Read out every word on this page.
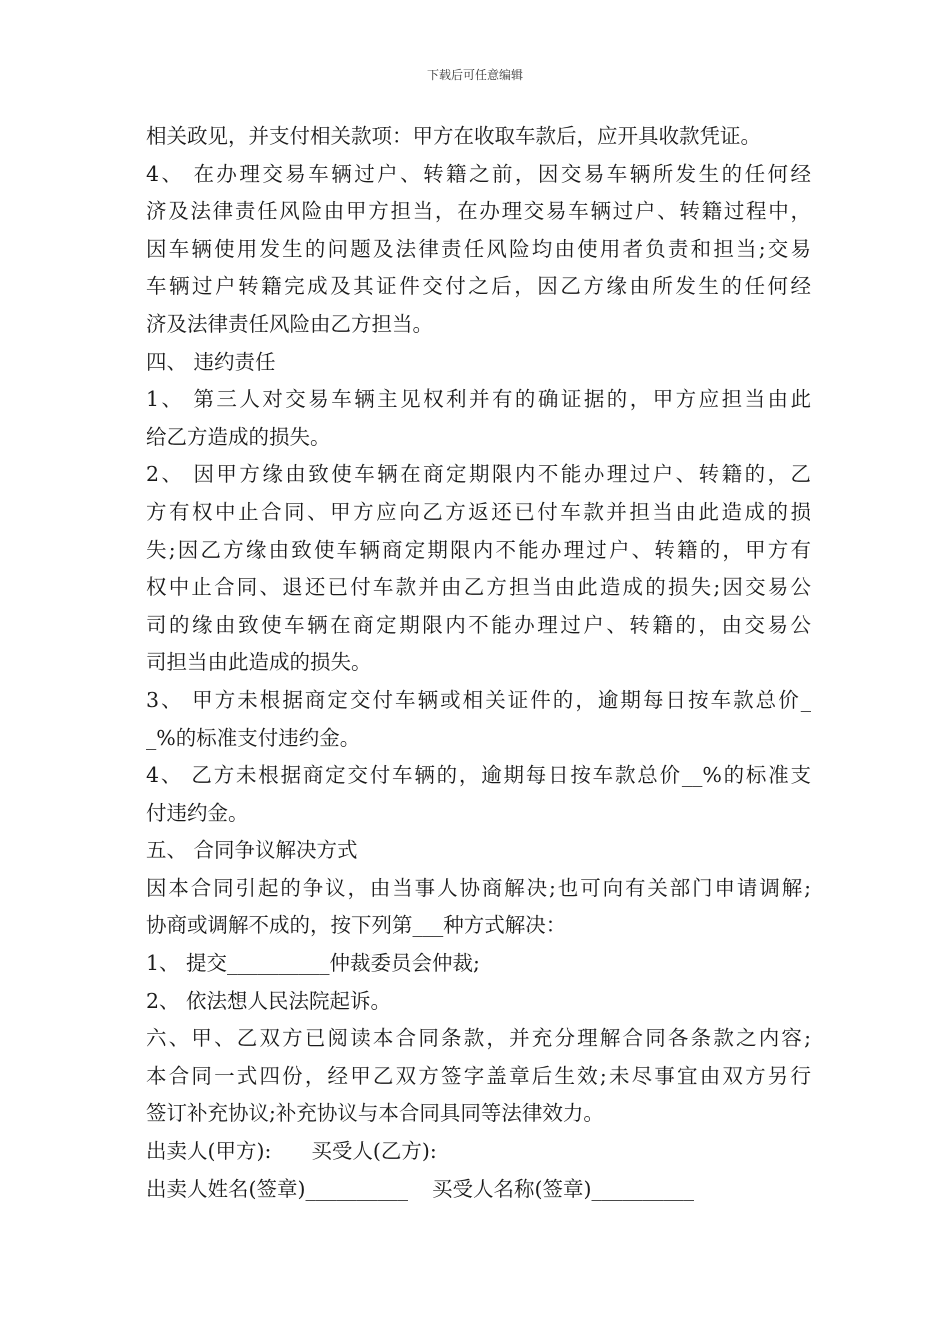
下载后可任意编辑
相关政见，并支付相关款项：甲方在收取车款后，应开具收款凭证。
4、 在办理交易车辆过户、转籍之前，因交易车辆所发生的任何经
济及法律责任风险由甲方担当，在办理交易车辆过户、转籍过程中，
因车辆使用发生的问题及法律责任风险均由使用者负责和担当;交易
车辆过户转籍完成及其证件交付之后，因乙方缘由所发生的任何经
济及法律责任风险由乙方担当。
四、 违约责任
1、 第三人对交易车辆主见权利并有的确证据的，甲方应担当由此
给乙方造成的损失。
2、 因甲方缘由致使车辆在商定期限内不能办理过户、转籍的，乙
方有权中止合同、甲方应向乙方返还已付车款并担当由此造成的损
失;因乙方缘由致使车辆商定期限内不能办理过户、转籍的，甲方有
权中止合同、退还已付车款并由乙方担当由此造成的损失;因交易公
司的缘由致使车辆在商定期限内不能办理过户、转籍的，由交易公
司担当由此造成的损失。
3、 甲方未根据商定交付车辆或相关证件的，逾期每日按车款总价_
_%的标准支付违约金。
4、 乙方未根据商定交付车辆的，逾期每日按车款总价__%的标准支
付违约金。
五、 合同争议解决方式
因本合同引起的争议，由当事人协商解决;也可向有关部门申请调解;
协商或调解不成的，按下列第___种方式解决：
1、 提交__________仲裁委员会仲裁;
2、 依法想人民法院起诉。
六、甲、乙双方已阅读本合同条款，并充分理解合同各条款之内容;
本合同一式四份，经甲乙双方签字盖章后生效;未尽事宜由双方另行
签订补充协议;补充协议与本合同具同等法律效力。
出卖人(甲方): 买受人(乙方):
出卖人姓名(签章)__________ 买受人名称(签章)__________
